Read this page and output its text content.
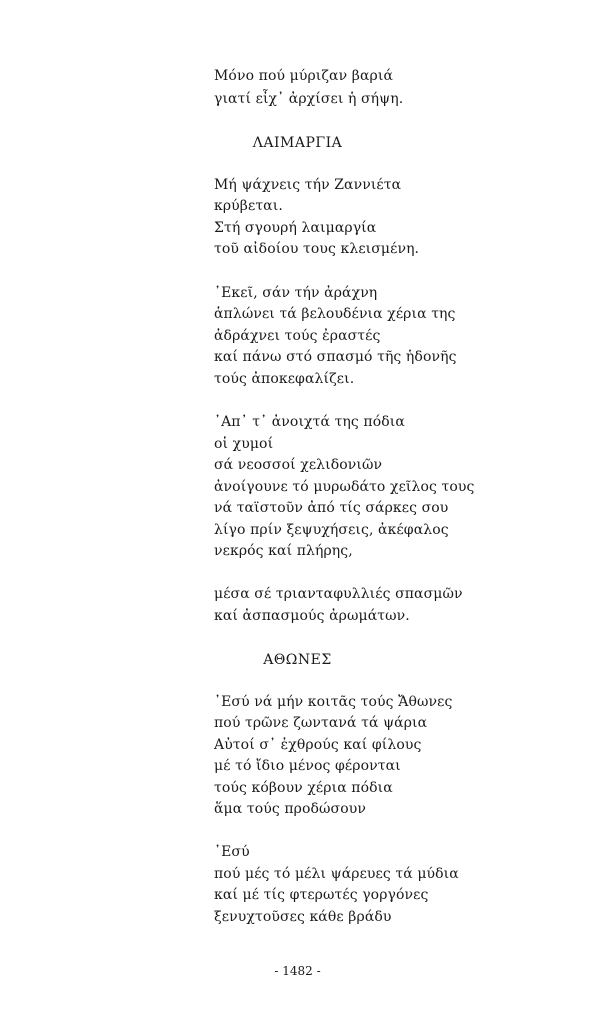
Μόνο πού μύριζαν βαριά
γιατί εἶχ᾽ ἀρχίσει ἡ σήψη.
ΛΑΙΜΑΡΓΙΑ
Μή ψάχνεις τήν Ζαννιέτα
κρύβεται.
Στή σγουρή λαιμαργία
τοῦ αἰδοίου τους κλεισμένη.
᾽Εκεῖ, σάν τήν ἀράχνη
ἁπλώνει τά βελουδένια χέρια της
ἁδράχνει τούς ἐραστές
καί πάνω στό σπασμό τῆς ἡδονῆς
τούς ἀποκεφαλίζει.
᾽Απ᾽ τ᾽ ἀνοιχτά της πόδια
οἱ χυμοί
σά νεοσσοί χελιδονιῶν
ἀνοίγουνε τό μυρωδάτο χεῖλος τους
νά ταϊστοῦν ἀπό τίς σάρκες σου
λίγο πρίν ξεψυχήσεις, ἀκέφαλος
νεκρός καί πλήρης,
μέσα σέ τριανταφυλλιές σπασμῶν
καί ἀσπασμούς ἀρωμάτων.
ΑΘΩΝΕΣ
᾽Εσύ νά μήν κοιτᾶς τούς Ἄθωνες
πού τρῶνε ζωντανά τά ψάρια
Αὐτοί σ᾽ ἐχθρούς καί φίλους
μέ τό ἴδιο μένος φέρονται
τούς κόβουν χέρια πόδια
ἅμα τούς προδώσουν
᾽Εσύ
πού μές τό μέλι ψάρευες τά μύδια
καί μέ τίς φτερωτές γοργόνες
ξενυχτοῦσες κάθε βράδυ
- 1482 -
